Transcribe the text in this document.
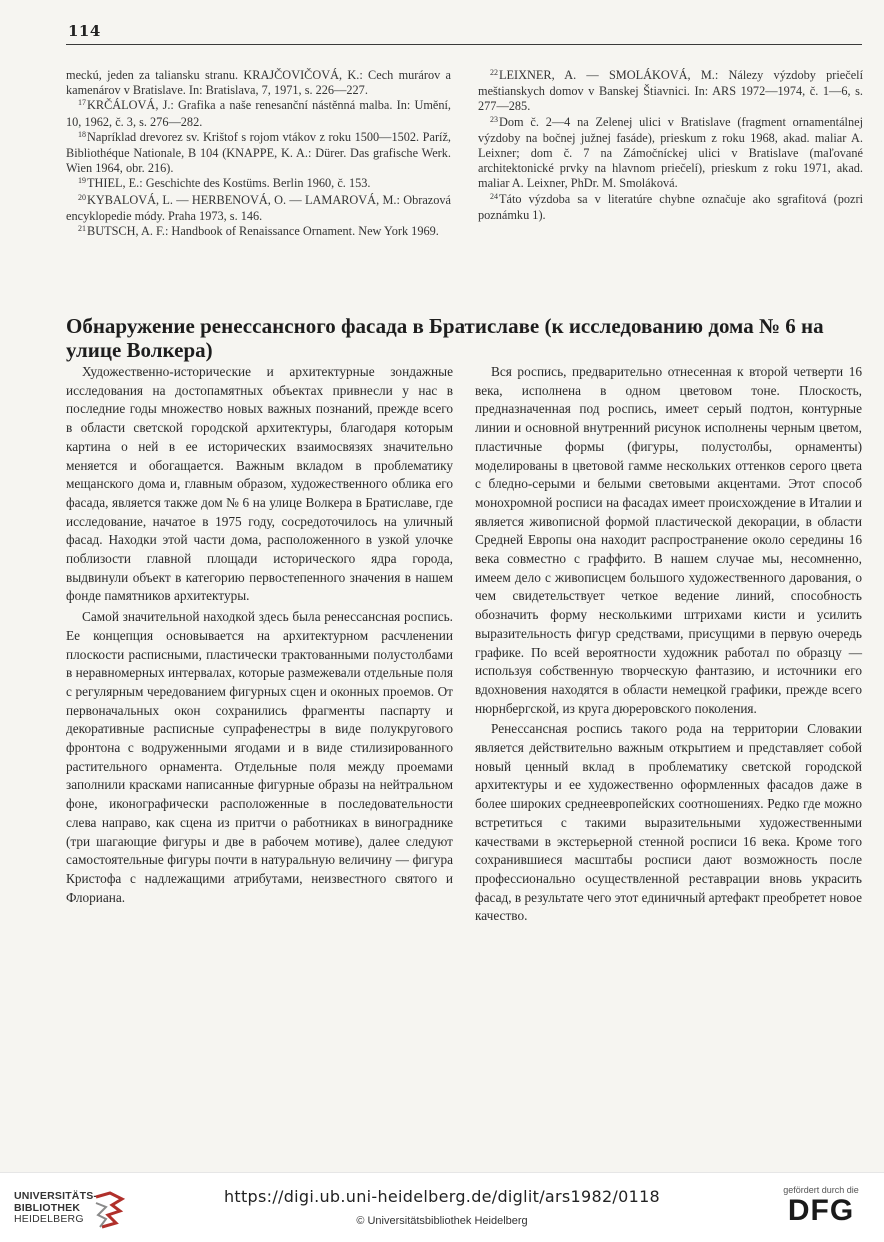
114

meckú, jeden za taliansku stranu. KRAJČOVIČOVÁ, K.: Cech murárov a kamenárov v Bratislave. In: Bratislava, 7, 1971, s. 226—227.

$^{17}$KRČÁLOVÁ, J.: Grafika a naše renesanční nástěnná malba. In: Umění, 10, 1962, č. 3, s. 276—282.

$^{18}$Napríklad drevorez sv. Krištof s rojom vtákov z roku 1500—1502. Paríž, Bibliothéque Nationale, B 104 (KNAPPE, K. A.: Dürer. Das grafische Werk. Wien 1964, obr. 216).

$^{19}$THIEL, E.: Geschichte des Kostüms. Berlin 1960, č. 153.

$^{20}$KYBALOVÁ, L. — HERBENOVÁ, O. — LAMAROVÁ, M.: Obrazová encyklopedie módy. Praha 1973, s. 146.

$^{21}$BUTSCH, A. F.: Handbook of Renaissance Ornament. New York 1969.

$^{22}$LEIXNER, A. — SMOLÁKOVÁ, M.: Nálezy výzdoby priečelí meštianskych domov v Banskej Štiavnici. In: ARS 1972—1974, č. 1—6, s. 277—285.

$^{23}$Dom č. 2—4 na Zelenej ulici v Bratislave (fragment ornamentálnej výzdoby na bočnej južnej fasáde), prieskum z roku 1968, akad. maliar A. Leixner; dom č. 7 na Zámočníckej ulici v Bratislave (maľované architektonické prvky na hlavnom priečelí), prieskum z roku 1971, akad. maliar A. Leixner, PhDr. M. Smoláková.

$^{24}$Táto výzdoba sa v literatúre chybne označuje ako sgrafitová (pozri poznámku 1).

Обнаружение ренессансного фасада в Братиславе (к исследованию дома № 6 на улице Волкера)

Художественно-исторические и архитектурные зондажные исследования на достопамятных объектах привнесли у нас в последние годы множество новых важных познаний, прежде всего в области светской городской архитектуры, благодаря которым картина о ней в ее исторических взаимосвязях значительно меняется и обогащается. Важным вкладом в проблематику мещанского дома и, главным образом, художественного облика его фасада, является также дом № 6 на улице Волкера в Братиславе, где исследование, начатое в 1975 году, сосредоточилось на уличный фасад. Находки этой части дома, расположенного в узкой улочке поблизости главной площади исторического ядра города, выдвинули объект в категорию первостепенного значения в нашем фонде памятников архитектуры.

Самой значительной находкой здесь была ренессансная роспись. Ее концепция основывается на архитектурном расчленении плоскости расписными, пластически трактованными полустолбами в неравномерных интервалах, которые размежевали отдельные поля с регулярным чередованием фигурных сцен и оконных проемов. От первоначальных окон сохранились фрагменты паспарту и декоративные расписные супрафенестры в виде полукругового фронтона с водруженными ягодами и в виде стилизированного растительного орнамента. Отдельные поля между проемами заполнили красками написанные фигурные образы на нейтральном фоне, иконографически расположенные в последовательности слева направо, как сцена из притчи о работниках в винограднике (три шагающие фигуры и две в рабочем мотиве), далее следуют самостоятельные фигуры почти в натуральную величину — фигура Кристофа с надлежащими атрибутами, неизвестного святого и Флориана.

Вся роспись, предварительно отнесенная к второй четверти 16 века, исполнена в одном цветовом тоне. Плоскость, предназначенная под роспись, имеет серый подтон, контурные линии и основной внутренний рисунок исполнены черным цветом, пластичные формы (фигуры, полустолбы, орнаменты) моделированы в цветовой гамме нескольких оттенков серого цвета с бледно-серыми и белыми световыми акцентами. Этот способ монохромной росписи на фасадах имеет происхождение в Италии и является живописной формой пластической декорации, в области Средней Европы она находит распространение около середины 16 века совместно с граффито. В нашем случае мы, несомненно, имеем дело с живописцем большого художественного дарования, о чем свидетельствует четкое ведение линий, способность обозначить форму несколькими штрихами кисти и усилить выразительность фигур средствами, присущими в первую очередь графике. По всей вероятности художник работал по образцу — используя собственную творческую фантазию, и источники его вдохновения находятся в области немецкой графики, прежде всего нюрнбергской, из круга дюреровского поколения.

Ренессансная роспись такого рода на территории Словакии является действительно важным открытием и представляет собой новый ценный вклад в проблематику светской городской архитектуры и ее художественно оформленных фасадов даже в более широких среднеевропейских соотношениях. Редко где можно встретиться с такими выразительными художественными качествами в экстерьерной стенной росписи 16 века. Кроме того сохранившиеся масштабы росписи дают возможность после профессионально осуществленной реставрации вновь украсить фасад, в результате чего этот единичный артефакт преобретет новое качество.

UNIVERSITÄTS-
BIBLIOTHEK
HEIDELBERG
https://digi.ub.uni-heidelberg.de/diglit/ars1982/0118
© Universitätsbibliothek Heidelberg
gefördert durch die
DFG
